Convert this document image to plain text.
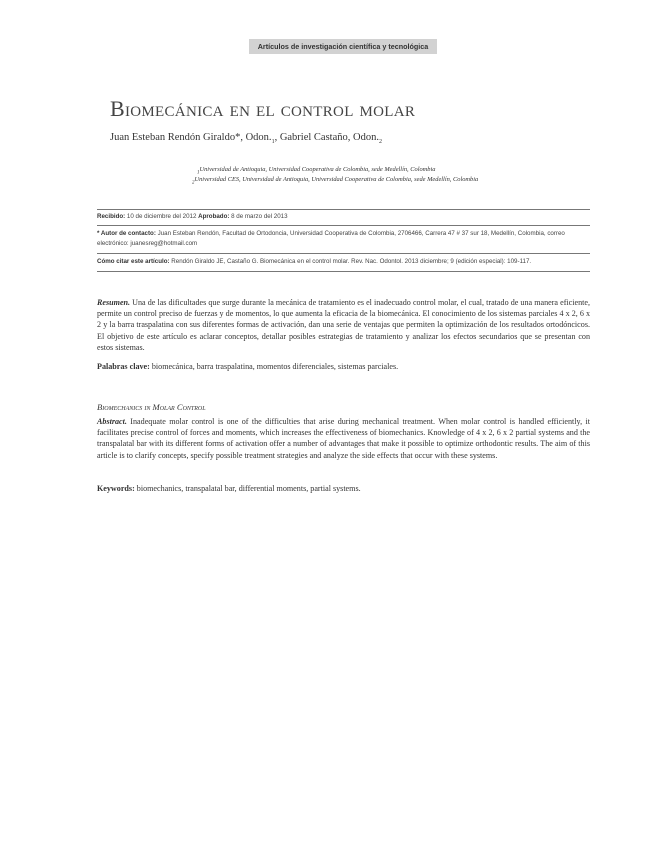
Artículos de investigación científica y tecnológica
Biomecánica en el control molar
Juan Esteban Rendón Giraldo*, $Odon._1$, Gabriel Castaño, $Odon._2$
$_1$Universidad de Antioquia, Universidad Cooperativa de Colombia, sede Medellín, Colombia
$_2$Universidad CES, Universidad de Antioquia, Universidad Cooperativa de Colombia, sede Medellín, Colombia
Recibido: 10 de diciembre del 2012 Aprobado: 8 de marzo del 2013
* Autor de contacto: Juan Esteban Rendón, Facultad de Ortodoncia, Universidad Cooperativa de Colombia, 2706466, Carrera 47 # 37 sur 18, Medellín, Colombia, correo electrónico: juanesreg@hotmail.com
Cómo citar este artículo: Rendón Giraldo JE, Castaño G. Biomecánica en el control molar. Rev. Nac. Odontol. 2013 diciembre; 9 (edición especial): 109-117.
Resumen. Una de las dificultades que surge durante la mecánica de tratamiento es el inadecuado control molar, el cual, tratado de una manera eficiente, permite un control preciso de fuerzas y de momentos, lo que aumenta la eficacia de la biomecánica. El conocimiento de los sistemas parciales 4 x 2, 6 x 2 y la barra traspalatina con sus diferentes formas de activación, dan una serie de ventajas que permiten la optimización de los resultados ortodóncicos. El objetivo de este artículo es aclarar conceptos, detallar posibles estrategias de tratamiento y analizar los efectos secundarios que se presentan con estos sistemas.
Palabras clave: biomecánica, barra traspalatina, momentos diferenciales, sistemas parciales.
Biomechanics in Molar Control
Abstract. Inadequate molar control is one of the difficulties that arise during mechanical treatment. When molar control is handled efficiently, it facilitates precise control of forces and moments, which increases the effectiveness of biomechanics. Knowledge of 4 x 2, 6 x 2 partial systems and the transpalatal bar with its different forms of activation offer a number of advantages that make it possible to optimize orthodontic results. The aim of this article is to clarify concepts, specify possible treatment strategies and analyze the side effects that occur with these systems.
Keywords: biomechanics, transpalatal bar, differential moments, partial systems.
